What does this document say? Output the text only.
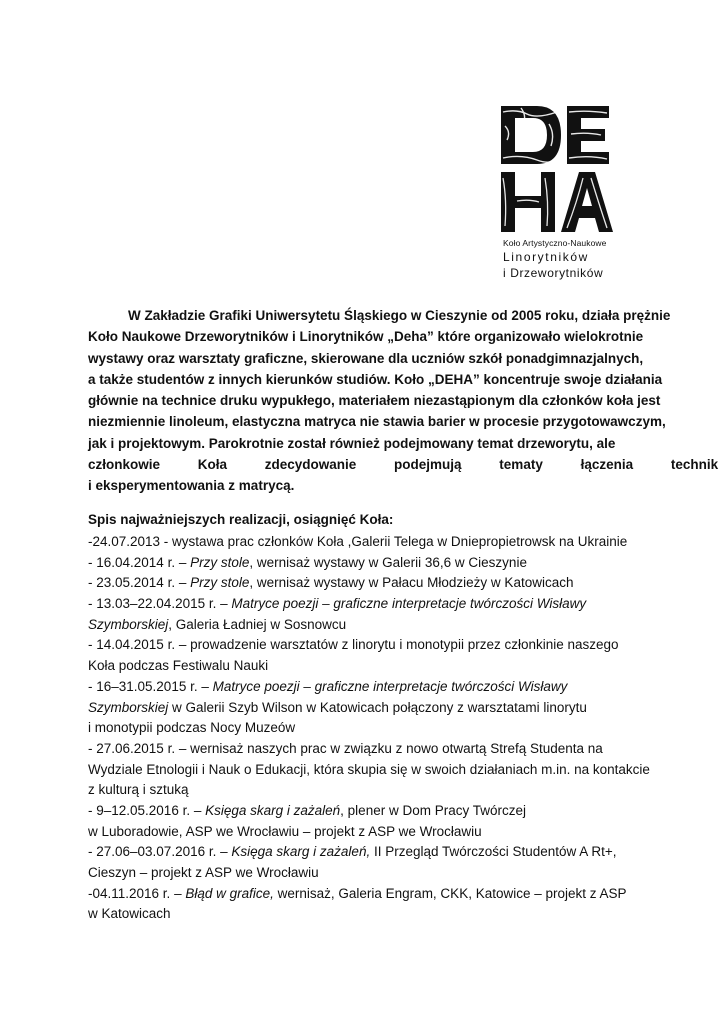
Koło Artystyczno-Naukowe
Linorytników
i Drzeworytników
W Zakładzie Grafiki Uniwersytetu Śląskiego w Cieszynie od 2005 roku, działa prężnie
Koło Naukowe Drzeworytników i Linorytników „Deha” które organizowało wielokrotnie
wystawy oraz warsztaty graficzne, skierowane dla uczniów szkół ponadgimnazjalnych,
a także studentów z innych kierunków studiów. Koło „DEHA” koncentruje swoje działania
głównie na technice druku wypukłego, materiałem niezastąpionym dla członków koła jest
niezmiennie linoleum, elastyczna matryca nie stawia barier w procesie przygotowawczym,
jak i projektowym. Parokrotnie został również podejmowany temat drzeworytu, ale
członkowie Koła zdecydowanie podejmują tematy łączenia technik
i eksperymentowania z matrycą.
Spis najważniejszych realizacji, osiągnięć Koła:
-24.07.2013 - wystawa prac członków Koła ,Galerii Telega w Dniepropietrowsk na Ukrainie
- 16.04.2014 r. – Przy stole, wernisaż wystawy w Galerii 36,6 w Cieszynie
- 23.05.2014 r. – Przy stole, wernisaż wystawy w Pałacu Młodzieży w Katowicach
- 13.03–22.04.2015 r. – Matryce poezji – graficzne interpretacje twórczości Wisławy
Szymborskiej, Galeria Ładniej w Sosnowcu
- 14.04.2015 r. – prowadzenie warsztatów z linorytu i monotypii przez członkinie naszego
Koła podczas Festiwalu Nauki
- 16–31.05.2015 r. – Matryce poezji – graficzne interpretacje twórczości Wisławy
Szymborskiej w Galerii Szyb Wilson w Katowicach połączony z warsztatami linorytu
i monotypii podczas Nocy Muzeów
- 27.06.2015 r. – wernisaż naszych prac w związku z nowo otwartą Strefą Studenta na
Wydziale Etnologii i Nauk o Edukacji, która skupia się w swoich działaniach m.in. na kontakcie
z kulturą i sztuką
- 9–12.05.2016 r. – Księga skarg i zażaleń, plener w Dom Pracy Twórczej
w Luboradowie, ASP we Wrocławiu – projekt z ASP we Wrocławiu
- 27.06–03.07.2016 r. – Księga skarg i zażaleń, II Przegląd Twórczości Studentów A Rt+,
Cieszyn – projekt z ASP we Wrocławiu
-04.11.2016 r. – Błąd w grafice, wernisaż, Galeria Engram, CKK, Katowice – projekt z ASP
w Katowicach
